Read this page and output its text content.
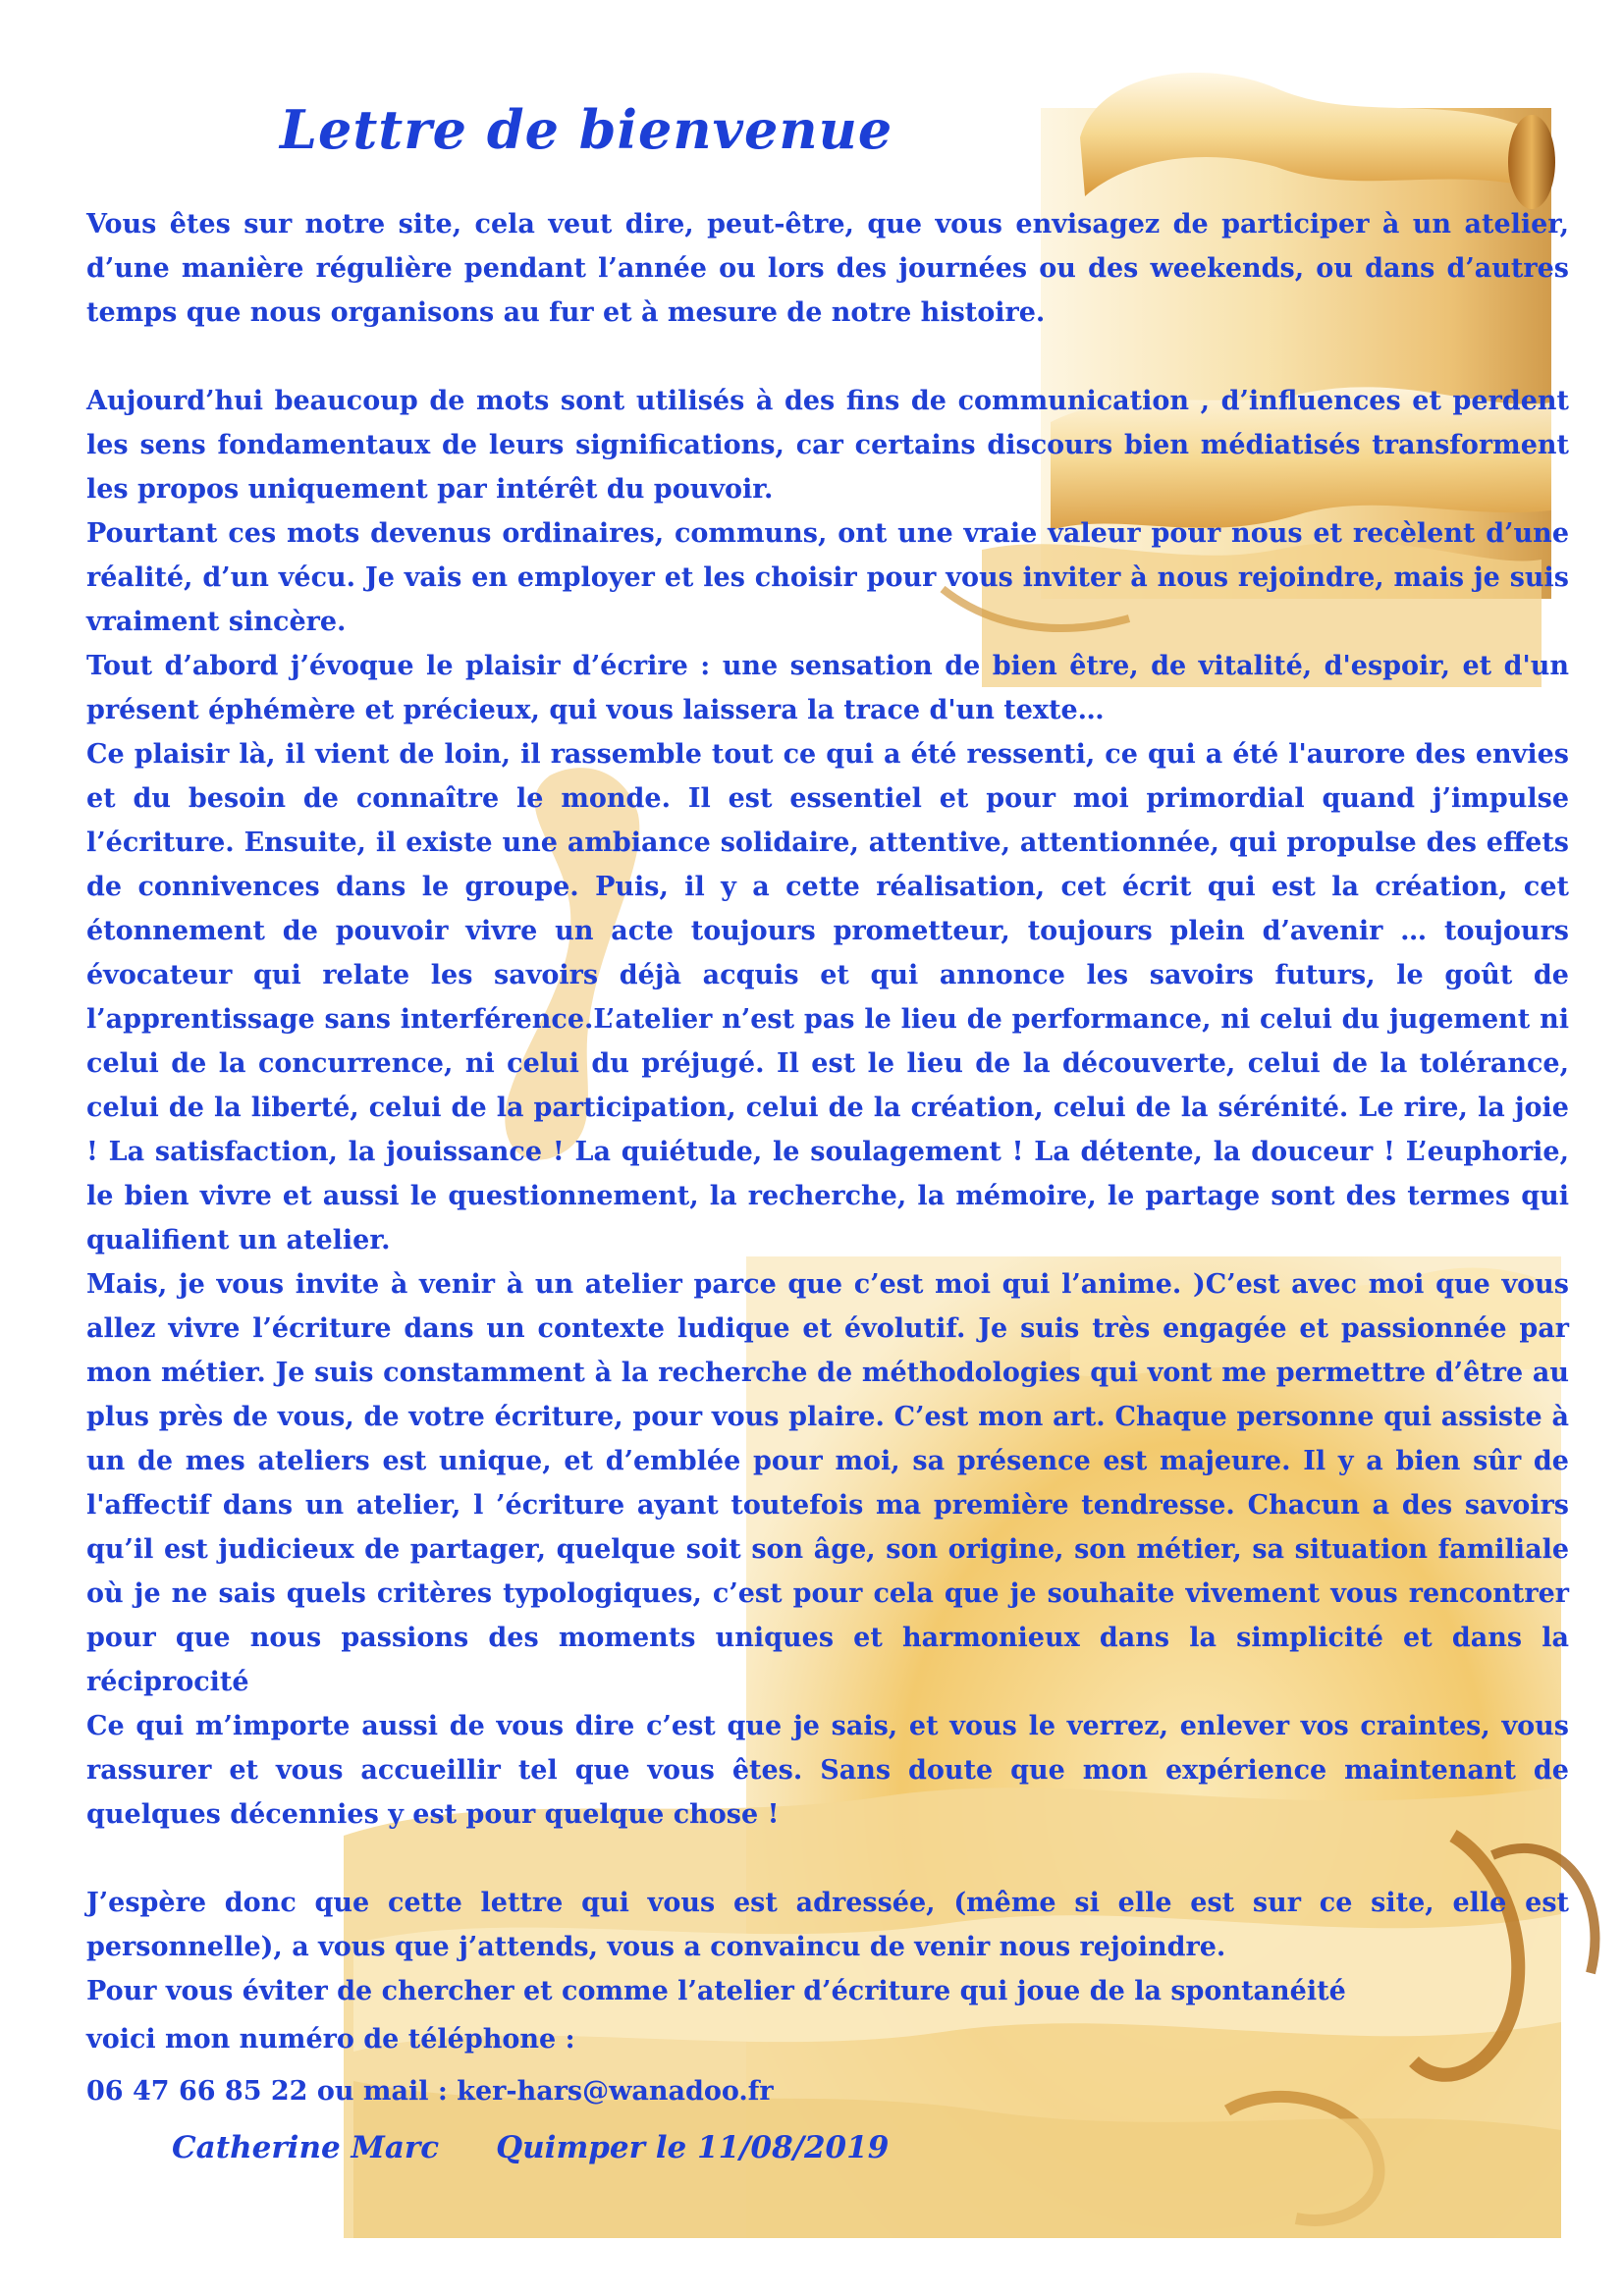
Lettre de bienvenue

Vous êtes sur notre site, cela veut dire, peut-être, que vous envisagez de participer à un atelier, d’une manière régulière pendant l’année ou lors des journées ou des weekends, ou dans d’autres temps que nous organisons au fur et à mesure de notre histoire.

Aujourd’hui beaucoup de mots sont utilisés à des fins de communication , d’influences et perdent les sens fondamentaux de leurs significations, car certains discours bien médiatisés transforment les propos uniquement par intérêt du pouvoir.

Pourtant ces mots devenus ordinaires, communs, ont une vraie valeur pour nous et recèlent d’une réalité, d’un vécu. Je vais en employer et les choisir pour vous inviter à nous rejoindre, mais je suis vraiment sincère.

Tout d’abord j’évoque le plaisir d’écrire : une sensation de bien être, de vitalité, d'espoir, et d'un présent éphémère et précieux, qui vous laissera la trace d'un texte…

Ce plaisir là, il vient de loin, il rassemble tout ce qui a été ressenti, ce qui a été l'aurore des envies et du besoin de connaître le monde. Il est essentiel et pour moi primordial quand j’impulse l’écriture. Ensuite, il existe une ambiance solidaire, attentive, attentionnée, qui propulse des effets de connivences dans le groupe. Puis, il y a cette réalisation, cet écrit qui est la création, cet étonnement de pouvoir vivre un acte toujours prometteur, toujours plein d’avenir … toujours évocateur qui relate les savoirs déjà acquis et qui annonce les savoirs futurs, le goût de l’apprentissage sans interférence.L’atelier n’est pas le lieu de performance, ni celui du jugement ni celui de la concurrence, ni celui du préjugé. Il est le lieu de la découverte, celui de la tolérance, celui de la liberté, celui de la participation, celui de la création, celui de la sérénité. Le rire, la joie ! La satisfaction, la jouissance ! La quiétude, le soulagement ! La détente, la douceur ! L’euphorie, le bien vivre et aussi le questionnement, la recherche, la mémoire, le partage sont des termes qui qualifient un atelier.

Mais, je vous invite à venir à un atelier parce que c’est moi qui l’anime. )C’est avec moi que vous allez vivre l’écriture dans un contexte ludique et évolutif. Je suis très engagée et passionnée par mon métier. Je suis constamment à la recherche de méthodologies qui vont me permettre d’être au plus près de vous, de votre écriture, pour vous plaire. C’est mon art. Chaque personne qui assiste à un de mes ateliers est unique, et d’emblée pour moi, sa présence est majeure. Il y a bien sûr de l'affectif dans un atelier, l ’écriture ayant toutefois ma première tendresse. Chacun a des savoirs qu’il est judicieux de partager, quelque soit son âge, son origine, son métier, sa situation familiale où je ne sais quels critères typologiques, c’est pour cela que je souhaite vivement vous rencontrer pour que nous passions des moments uniques et harmonieux dans la simplicité et dans la réciprocité

Ce qui m’importe aussi de vous dire c’est que je sais, et vous le verrez, enlever vos craintes, vous rassurer et vous accueillir tel que vous êtes. Sans doute que mon expérience maintenant de quelques décennies y est pour quelque chose !

J’espère donc que cette lettre qui vous est adressée, (même si elle est sur ce site, elle est personnelle), a vous que j’attends, vous a convaincu de venir nous rejoindre.

Pour vous éviter de chercher et comme l’atelier d’écriture qui joue de la spontanéité

voici mon numéro de téléphone :

06 47 66 85 22 ou mail : ker-hars@wanadoo.fr

Catherine Marc Quimper le 11/08/2019
